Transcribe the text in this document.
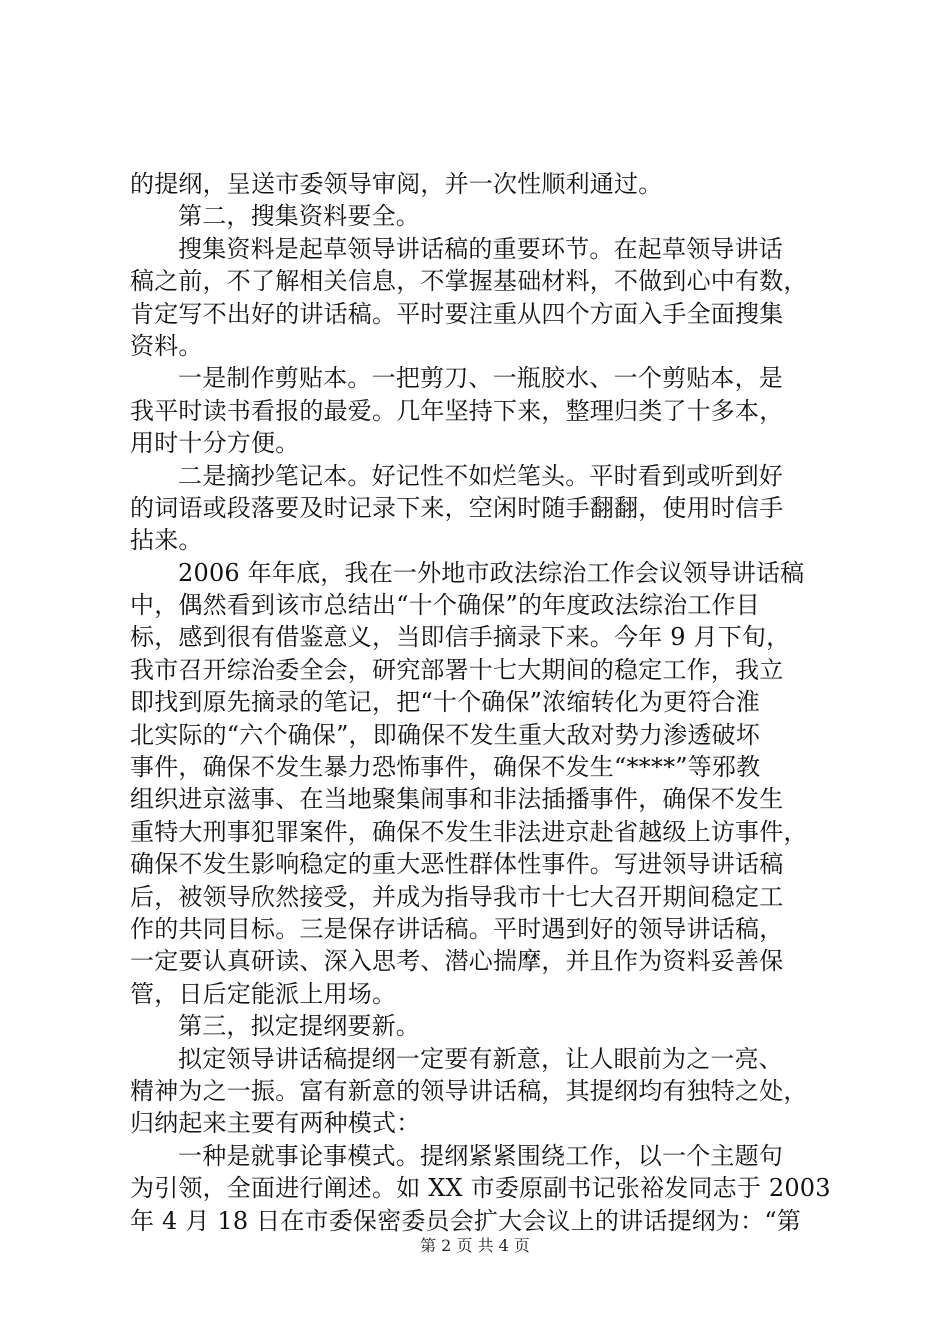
的提纲，呈送市委领导审阅，并一次性顺利通过。
第二，搜集资料要全。
搜集资料是起草领导讲话稿的重要环节。在起草领导讲话
稿之前，不了解相关信息，不掌握基础材料，不做到心中有数，
肯定写不出好的讲话稿。平时要注重从四个方面入手全面搜集
资料。
一是制作剪贴本。一把剪刀、一瓶胶水、一个剪贴本，是
我平时读书看报的最爱。几年坚持下来，整理归类了十多本，
用时十分方便。
二是摘抄笔记本。好记性不如烂笔头。平时看到或听到好
的词语或段落要及时记录下来，空闲时随手翻翻，使用时信手
拈来。
2006 年年底，我在一外地市政法综治工作会议领导讲话稿
中，偶然看到该市总结出“十个确保”的年度政法综治工作目
标，感到很有借鉴意义，当即信手摘录下来。今年 9 月下旬，
我市召开综治委全会，研究部署十七大期间的稳定工作，我立
即找到原先摘录的笔记，把“十个确保”浓缩转化为更符合淮
北实际的“六个确保”，即确保不发生重大敌对势力渗透破坏
事件，确保不发生暴力恐怖事件，确保不发生“****”等邪教
组织进京滋事、在当地聚集闹事和非法插播事件，确保不发生
重特大刑事犯罪案件，确保不发生非法进京赴省越级上访事件，
确保不发生影响稳定的重大恶性群体性事件。写进领导讲话稿
后，被领导欣然接受，并成为指导我市十七大召开期间稳定工
作的共同目标。三是保存讲话稿。平时遇到好的领导讲话稿，
一定要认真研读、深入思考、潜心揣摩，并且作为资料妥善保
管，日后定能派上用场。
第三，拟定提纲要新。
拟定领导讲话稿提纲一定要有新意，让人眼前为之一亮、
精神为之一振。富有新意的领导讲话稿，其提纲均有独特之处，
归纳起来主要有两种模式：
一种是就事论事模式。提纲紧紧围绕工作，以一个主题句
为引领，全面进行阐述。如 XX 市委原副书记张裕发同志于 2003
年 4 月 18 日在市委保密委员会扩大会议上的讲话提纲为：“第
第 2 页 共 4 页
